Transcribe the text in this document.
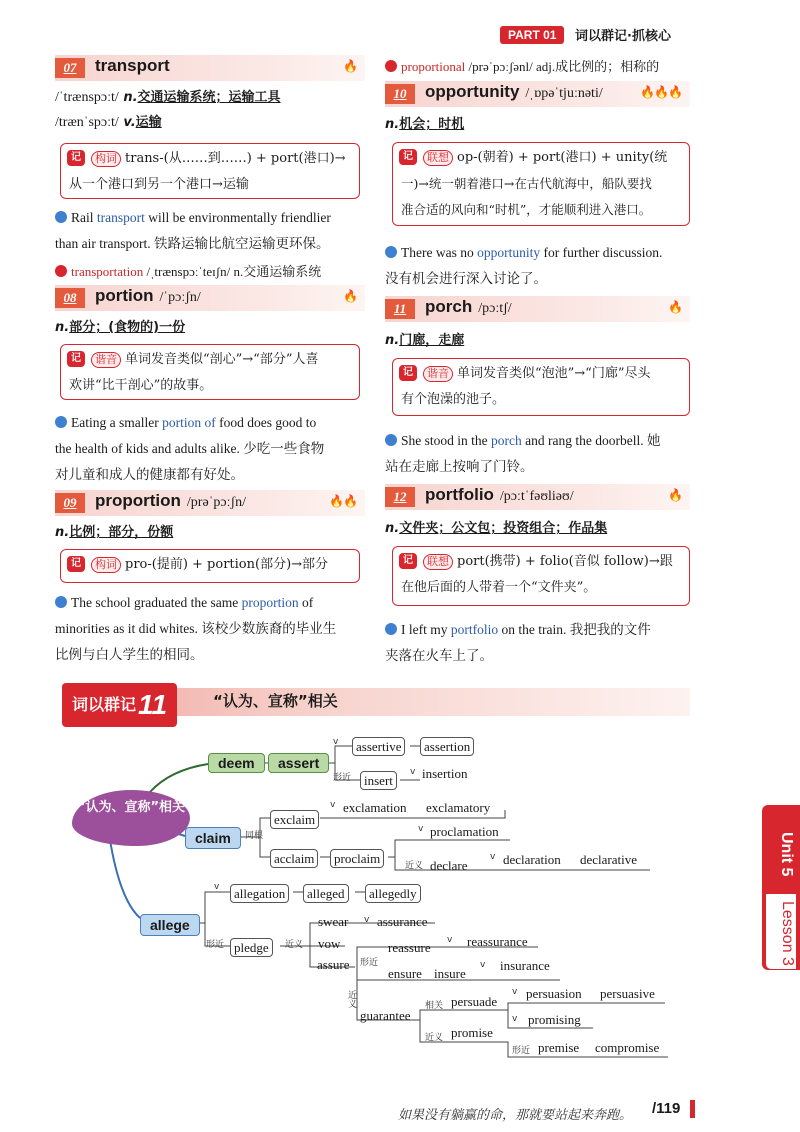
PART 01	词以群记·抓核心
07	transport	🔥
/ˈtrænspɔːt/ n.交通运输系统；运输工具
/trænˈspɔːt/ v.运输
记	构词 trans-(从……到……) + port(港口)→
从一个港口到另一个港口→运输
Rail transport will be environmentally friendlier
than air transport. 铁路运输比航空运输更环保。
transportation /ˌtrænspɔːˈteɪʃn/ n.交通运输系统
08	portion /ˈpɔːʃn/	🔥
n.部分；(食物的)一份
记	谐音 单词发音类似“剖心”→“部分”人喜
欢讲“比干剖心”的故事。
Eating a smaller portion of food does good to
the health of kids and adults alike. 少吃一些食物
对儿童和成人的健康都有好处。
09	proportion /prəˈpɔːʃn/	🔥🔥
n.比例；部分，份额
记	构词 pro-(提前) + portion(部分)→部分
The school graduated the same proportion of
minorities as it did whites. 该校少数族裔的毕业生
比例与白人学生的相同。
proportional /prəˈpɔːʃənl/ adj.成比例的；相称的
10	opportunity /ˌɒpəˈtjuːnəti/	🔥🔥🔥
n.机会；时机
记	联想 op-(朝着) + port(港口) + unity(统
一)→统一朝着港口→在古代航海中，船队要找
准合适的风向和“时机”，才能顺利进入港口。
There was no opportunity for further discussion.
没有机会进行深入讨论了。
11	porch /pɔːtʃ/	🔥
n.门廊，走廊
记	谐音 单词发音类似“泡池”→“门廊”尽头
有个泡澡的池子。
She stood in the porch and rang the doorbell. 她
站在走廊上按响了门铃。
12	portfolio /pɔːtˈfəʊliəʊ/	🔥
n.文件夹；公文包；投资组合；作品集
记	联想 port(携带) + folio(音似 follow)→跟
在他后面的人带着一个“文件夹”。
I left my portfolio on the train. 我把我的文件
夹落在火车上了。
词以群记11	“认为、宣称”相关
“认为、宣称”相关
deem	assert
v	assertive	assertion
形近 insert
v insertion
claim	同根
exclaim
v exclamation exclamatory
acclaim	proclaim
v proclamation
近义 declare
v declaration declarative
allege
v	allegation	alleged	allegedly
形近 pledge	近义
swear v assurance
vow
assure 形近
reassure v reassurance
ensure insure
v insurance
近义
guarantee
相关 persuade
v persuasion persuasive
v promising
近义 promise
形近 premise compromise
Unit 5
Lesson 3
如果没有躺赢的命，那就要站起来奔跑。 /119
